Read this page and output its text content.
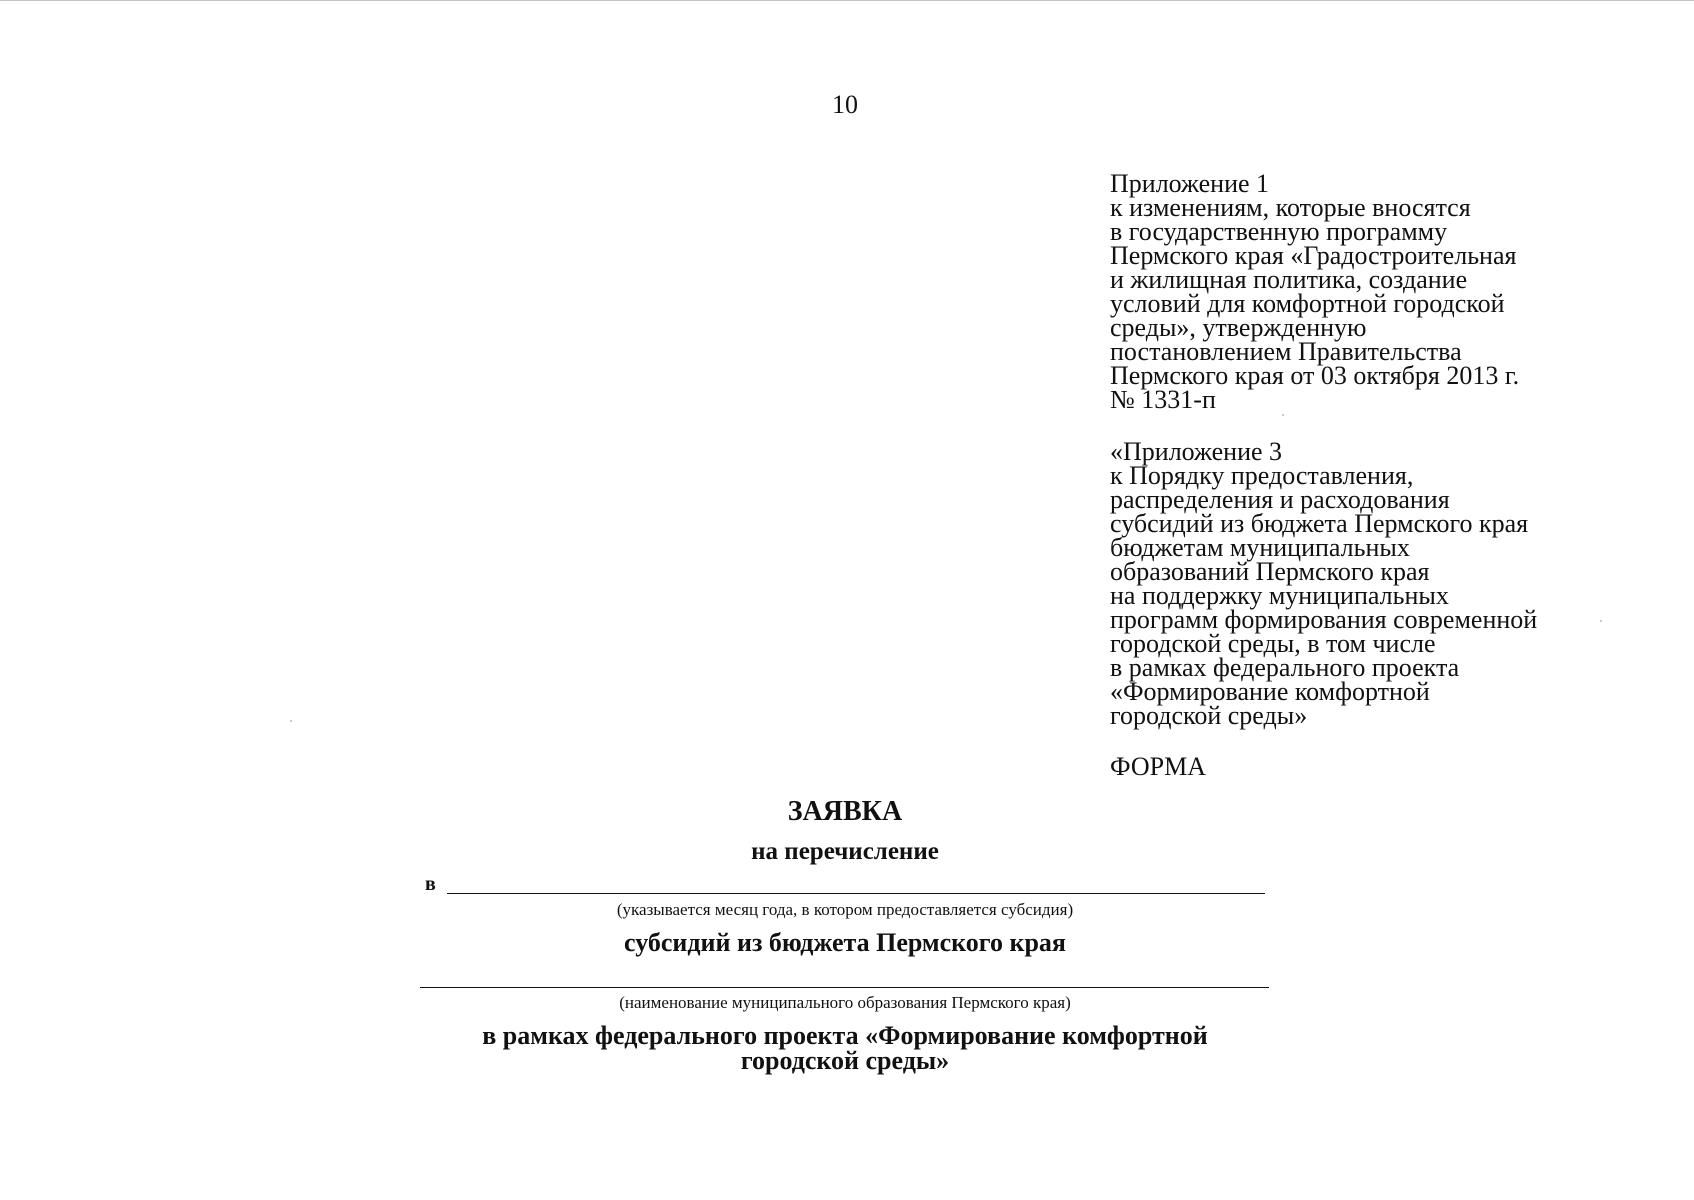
10
Приложение 1
к изменениям, которые вносятся
в государственную программу
Пермского края «Градостроительная
и жилищная политика, создание
условий для комфортной городской
среды», утвержденную
постановлением Правительства
Пермского края от 03 октября 2013 г.
№ 1331-п
«Приложение 3
к Порядку предоставления,
распределения и расходования
субсидий из бюджета Пермского края
бюджетам муниципальных
образований Пермского края
на поддержку муниципальных
программ формирования современной
городской среды, в том числе
в рамках федерального проекта
«Формирование комфортной
городской среды»
ФОРМА
ЗАЯВКА
на перечисление
в
(указывается месяц года, в котором предоставляется субсидия)
субсидий из бюджета Пермского края
(наименование муниципального образования Пермского края)
в рамках федерального проекта «Формирование комфортной
городской среды»
